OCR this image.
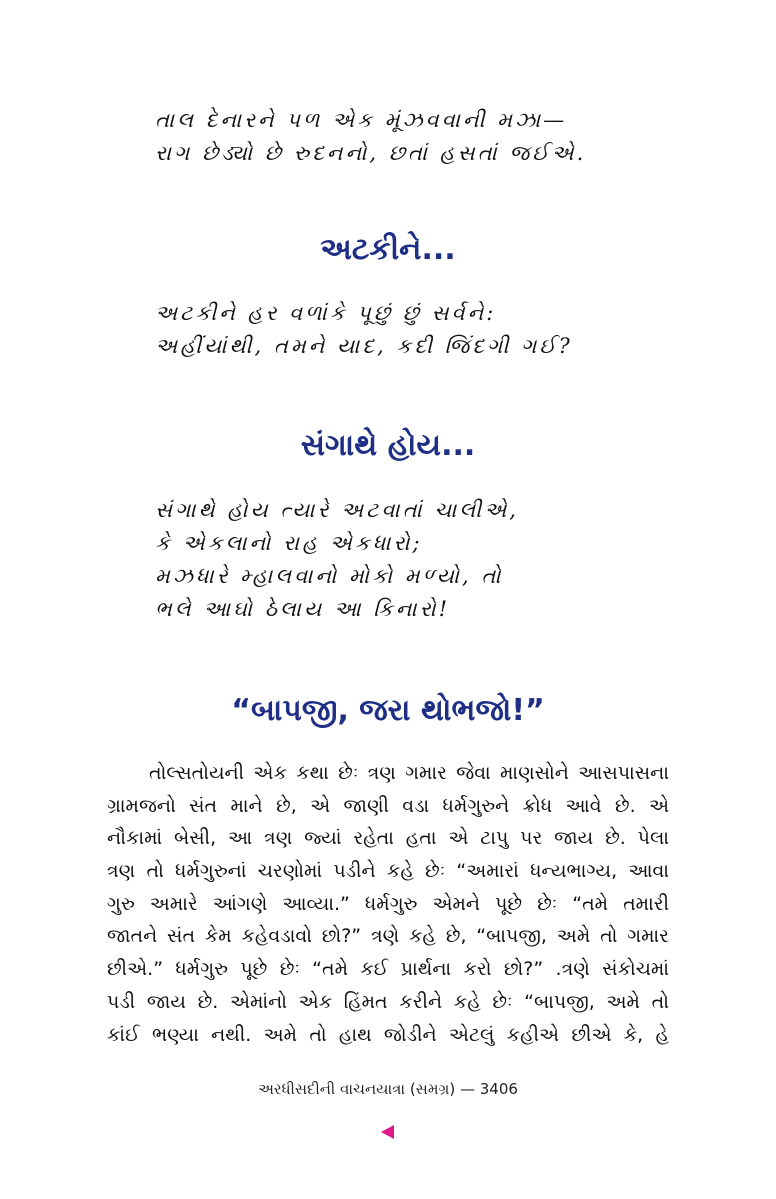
તાલ દેનારને પળ એક મૂંઝવવાની મઝા—
રાગ છેડ્યો છે રુદનનો, છતાં હસતાં જઈએ.
અટકીને...
અટકીને હર વળાંકે પૂછું છું સર્વને:
અહીંયાંથી, તમને યાદ, કદી જિંદગી ગઈ?
સંગાથે હોય...
સંગાથે હોય ત્યારે અટવાતાં ચાલીએ,
કે એકલાનો રાહ એકધારો;
મઝધારે મ્હાલવાનો મોકો મળ્યો, તો
ભલે આઘો ઠેલાય આ કિનારો!
“બાપજી, જરા થોભજો!”
તોલ્સતોયની એક કથા છેઃ ત્રણ ગમાર જેવા માણસોને આસપાસના
ગ્રામજનો સંત માને છે, એ જાણી વડા ધર્મગુરુને ક્રોધ આવે છે. એ
નૌકામાં બેસી, આ ત્રણ જ્યાં રહેતા હતા એ ટાપુ પર જાય છે. પેલા
ત્રણ તો ધર્મગુરુનાં ચરણોમાં પડીને કહે છેઃ “અમારાં ધન્યભાગ્ય, આવા
ગુરુ અમારે આંગણે આવ્યા.” ધર્મગુરુ એમને પૂછે છેઃ “તમે તમારી
જાતને સંત કેમ કહેવડાવો છો?” ત્રણે કહે છે, “બાપજી, અમે તો ગમાર
છીએ.” ધર્મગુરુ પૂછે છેઃ “તમે કઈ પ્રાર્થના કરો છો?” .ત્રણે સંકોચમાં
પડી જાય છે. એમાંનો એક હિંમત કરીને કહે છેઃ “બાપજી, અમે તો
કાંઈ ભણ્યા નથી. અમે તો હાથ જોડીને એટલું કહીએ છીએ કે, હે
અરધીસદીની વાચનયાત્રા (સમગ્ર) — 3406
